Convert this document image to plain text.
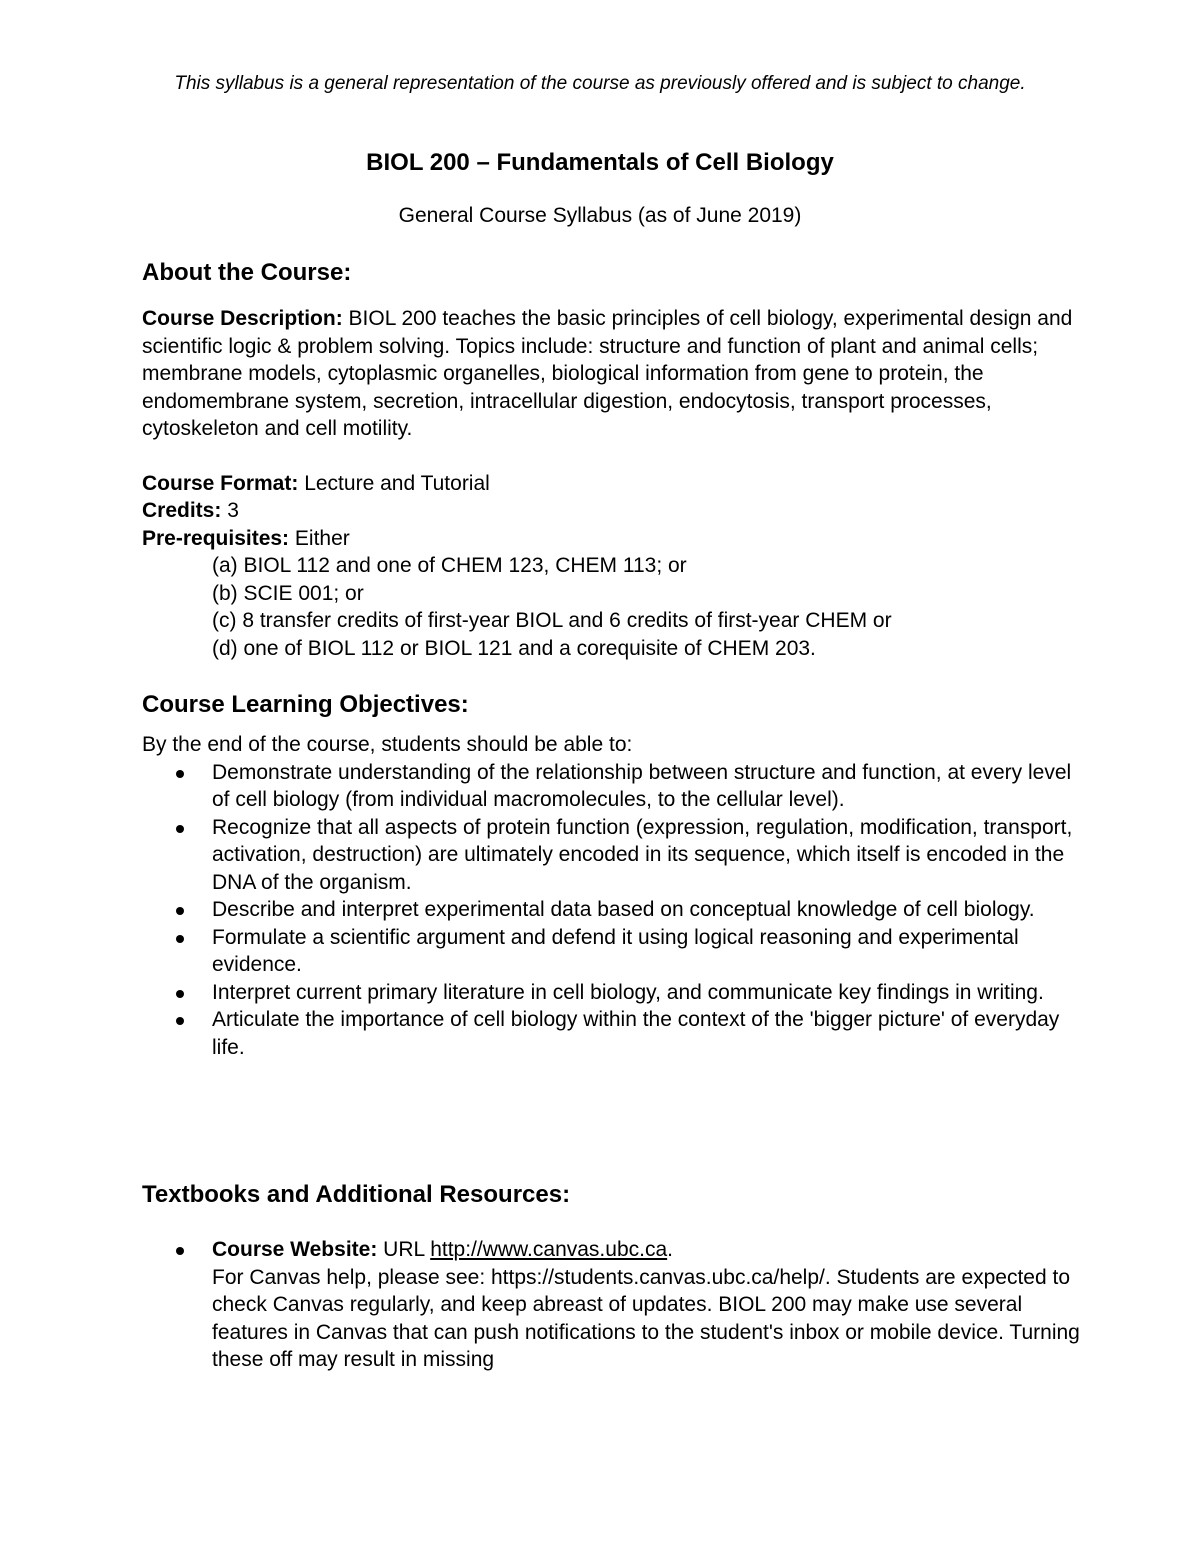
This syllabus is a general representation of the course as previously offered and is subject to change.
BIOL 200 – Fundamentals of Cell Biology
General Course Syllabus (as of June 2019)
About the Course:

Course Description: BIOL 200 teaches the basic principles of cell biology, experimental design and scientific logic & problem solving. Topics include: structure and function of plant and animal cells; membrane models, cytoplasmic organelles, biological information from gene to protein, the endomembrane system, secretion, intracellular digestion, endocytosis, transport processes, cytoskeleton and cell motility.

Course Format: Lecture and Tutorial

Credits: 3

Pre-requisites: Either

(a) BIOL 112 and one of CHEM 123, CHEM 113; or
(b) SCIE 001; or
(c) 8 transfer credits of first-year BIOL and 6 credits of first-year CHEM or
(d) one of BIOL 112 or BIOL 121 and a corequisite of CHEM 203.
Course Learning Objectives:

By the end of the course, students should be able to:

Demonstrate understanding of the relationship between structure and function, at every level of cell biology (from individual macromolecules, to the cellular level).
Recognize that all aspects of protein function (expression, regulation, modification, transport, activation, destruction) are ultimately encoded in its sequence, which itself is encoded in the DNA of the organism.
Describe and interpret experimental data based on conceptual knowledge of cell biology.
Formulate a scientific argument and defend it using logical reasoning and experimental evidence.
Interpret current primary literature in cell biology, and communicate key findings in writing.
Articulate the importance of cell biology within the context of the 'bigger picture' of everyday life.
Textbooks and Additional Resources:
Course Website: URL http://www.canvas.ubc.ca.
For Canvas help, please see: https://students.canvas.ubc.ca/help/. Students are expected to check Canvas regularly, and keep abreast of updates. BIOL 200 may make use several features in Canvas that can push notifications to the student's inbox or mobile device. Turning these off may result in missing
